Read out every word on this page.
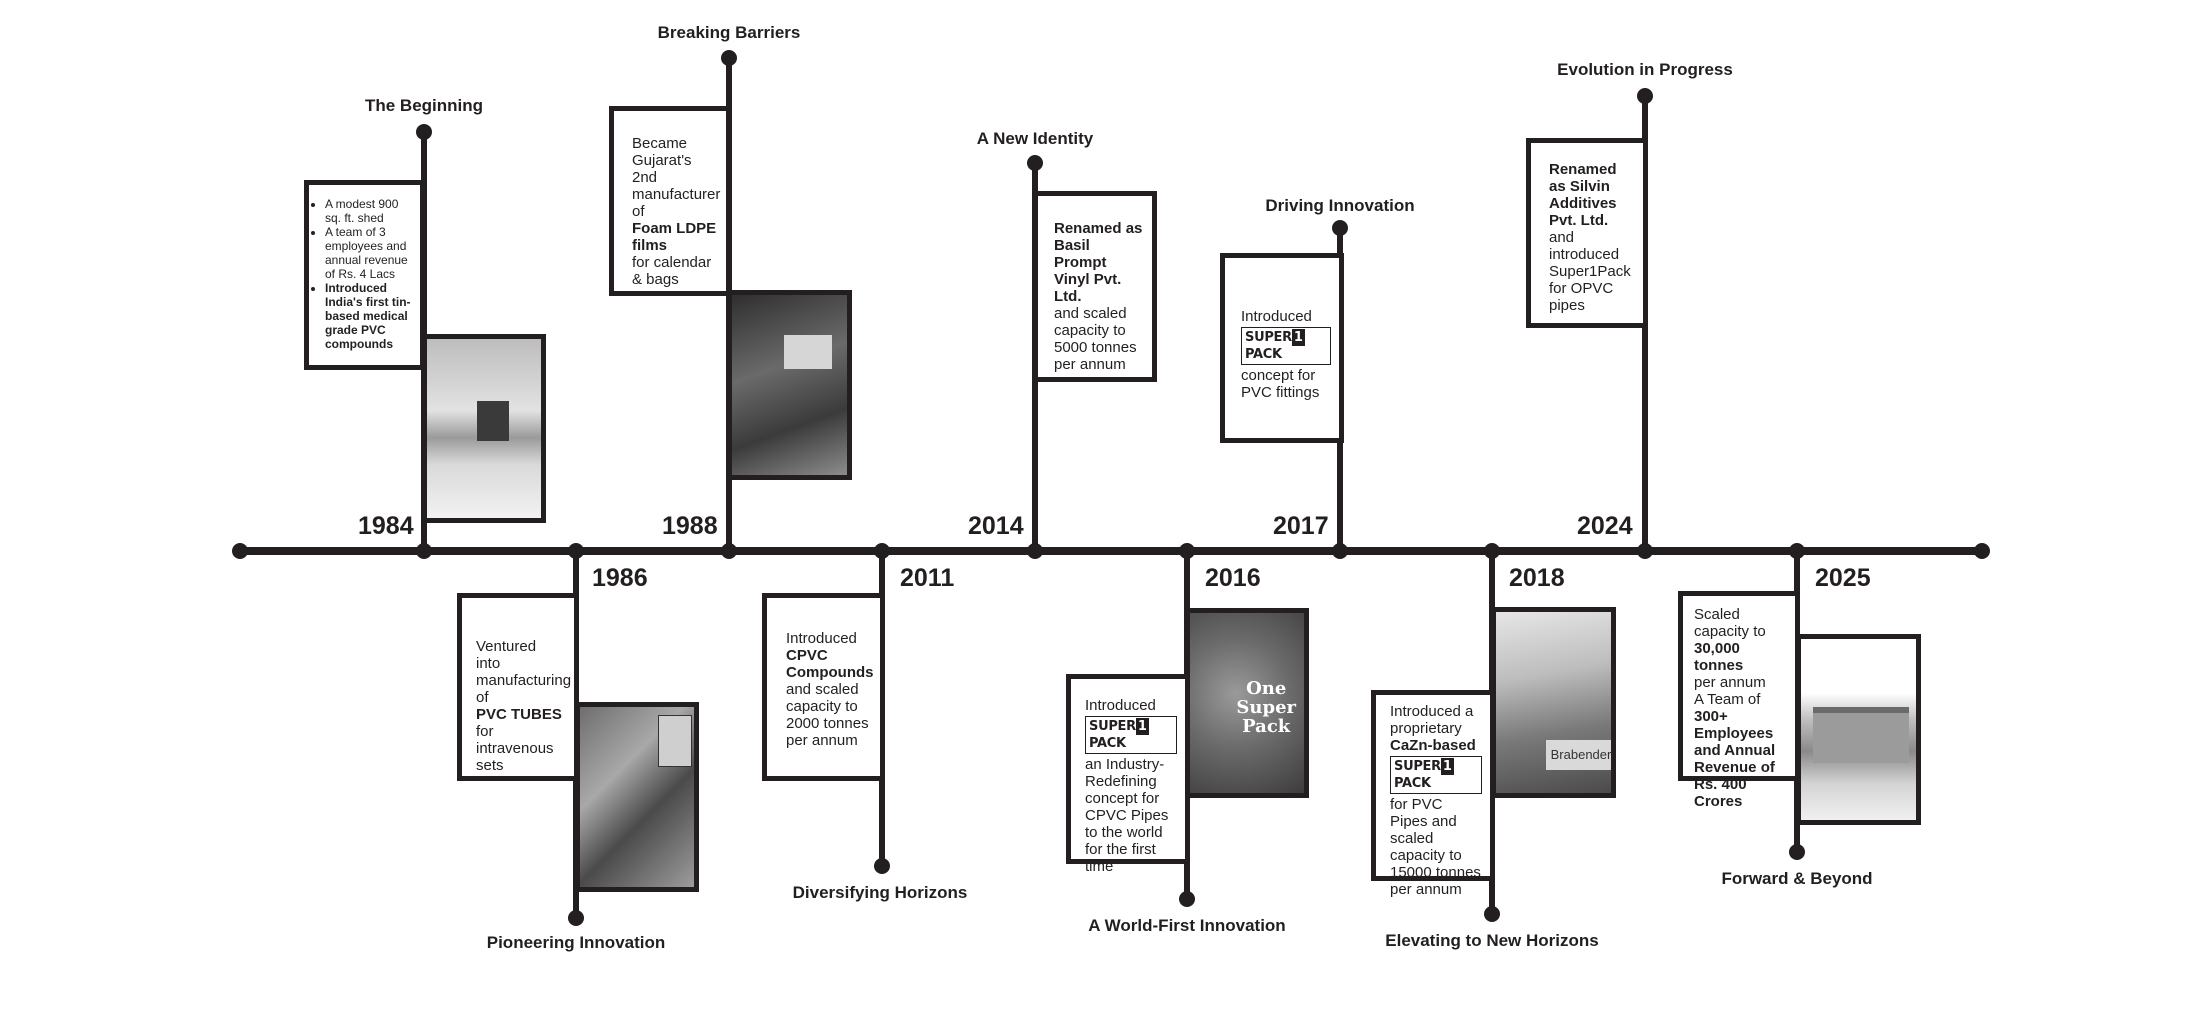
The Beginning
1984
• A modest 900 sq. ft. shed
• A team of 3 employees and annual revenue of Rs. 4 Lacs
• Introduced India's first tin-based medical grade PVC compounds
1986
Pioneering Innovation
Ventured into manufacturing of
PVC TUBES
for intravenous sets
Breaking Barriers
1988
Became Gujarat's 2nd manufacturer of
Foam LDPE films
for calendar & bags
2011
Diversifying Horizons
Introduced
CPVC Compounds
and scaled capacity to 2000 tonnes per annum
A New Identity
2014
Renamed as Basil Prompt Vinyl Pvt. Ltd.
and scaled capacity to 5000 tonnes per annum
2016
A World-First Innovation
Introduced
SUPER 1PACK
an Industry-Redefining concept for CPVC Pipes to the world for the first time
One
Super
Pack
Driving Innovation
2017
Introduced
SUPER 1PACK
concept for PVC fittings
2018
Elevating to New Horizons
Introduced a proprietary
CaZn-based
SUPER 1PACK
for PVC Pipes and scaled capacity to 15000 tonnes per annum
Brabender
Evolution in Progress
2024
Renamed as Silvin Additives Pvt. Ltd.
and introduced Super1Pack for OPVC pipes
2025
Forward & Beyond
Scaled capacity to
30,000 tonnes
per annum
A Team of
300+ Employees and Annual Revenue of Rs. 400 Crores
